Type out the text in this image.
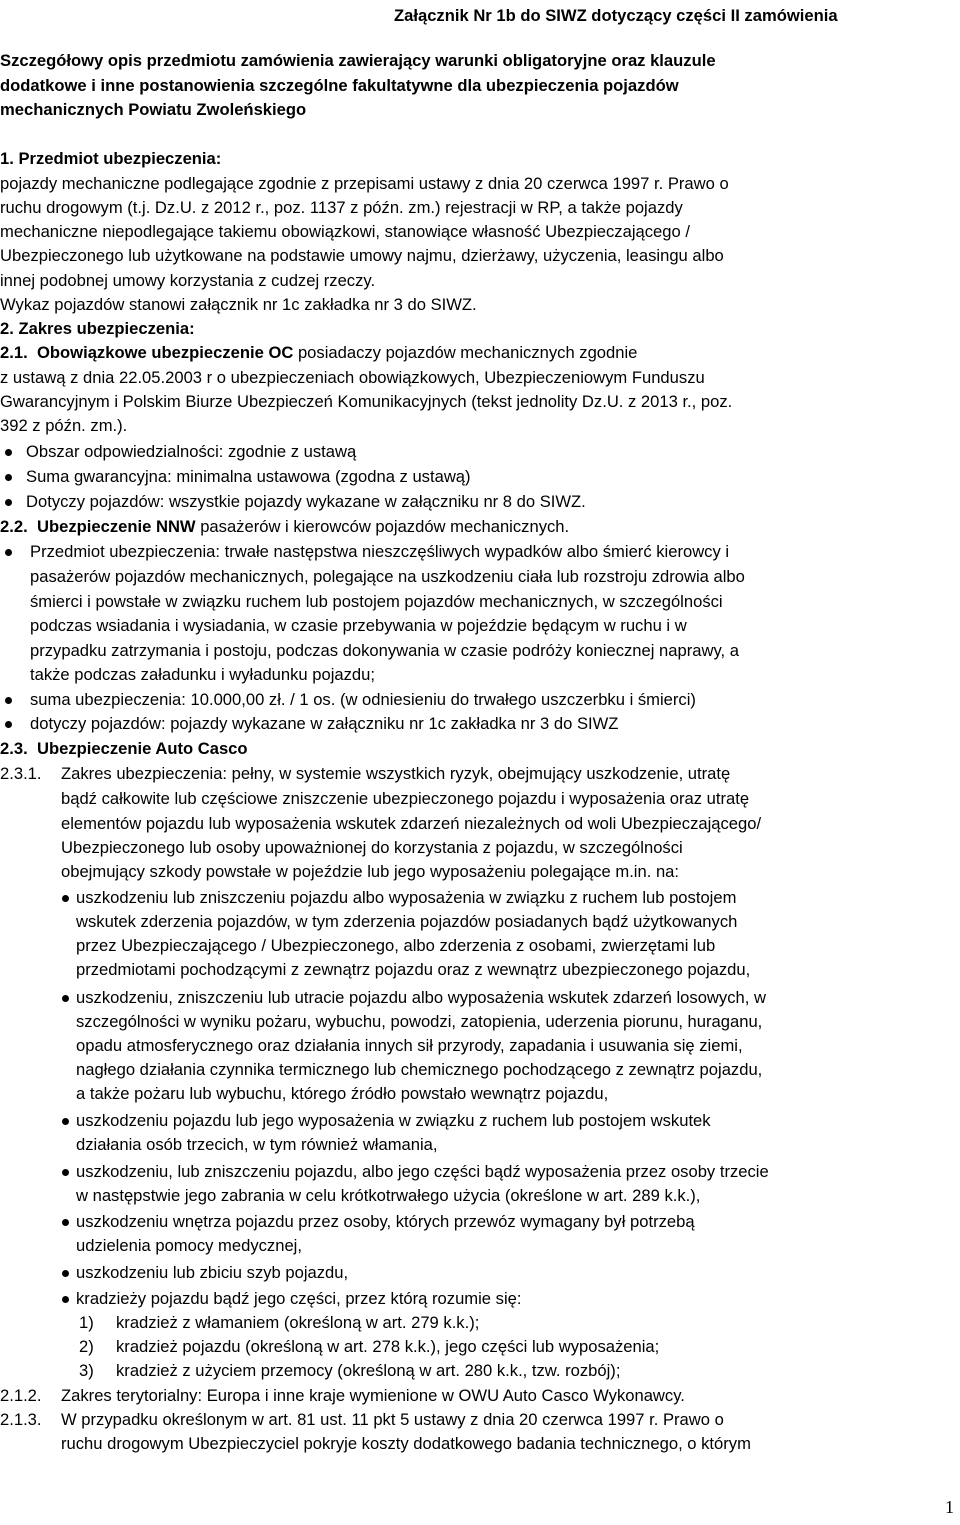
Załącznik Nr 1b do SIWZ dotyczący części II zamówienia
Szczegółowy opis przedmiotu zamówienia zawierający warunki obligatoryjne oraz klauzule
dodatkowe i inne postanowienia szczególne fakultatywne dla ubezpieczenia pojazdów
mechanicznych Powiatu Zwoleńskiego
1. Przedmiot ubezpieczenia:
pojazdy mechaniczne podlegające zgodnie z przepisami ustawy z dnia 20 czerwca 1997 r. Prawo o
ruchu drogowym (t.j. Dz.U. z 2012 r., poz. 1137 z późn. zm.) rejestracji w RP, a także pojazdy
mechaniczne niepodlegające takiemu obowiązkowi, stanowiące własność Ubezpieczającego /
Ubezpieczonego lub użytkowane na podstawie umowy najmu, dzierżawy, użyczenia, leasingu albo
innej podobnej umowy korzystania z cudzej rzeczy.
Wykaz pojazdów stanowi załącznik nr 1c zakładka nr 3 do SIWZ.
2. Zakres ubezpieczenia:
2.1. Obowiązkowe ubezpieczenie OC posiadaczy pojazdów mechanicznych zgodnie
z ustawą z dnia 22.05.2003 r o ubezpieczeniach obowiązkowych, Ubezpieczeniowym Funduszu
Gwarancyjnym i Polskim Biurze Ubezpieczeń Komunikacyjnych (tekst jednolity Dz.U. z 2013 r., poz.
392 z późn. zm.).
Obszar odpowiedzialności: zgodnie z ustawą
Suma gwarancyjna: minimalna ustawowa (zgodna z ustawą)
Dotyczy pojazdów: wszystkie pojazdy wykazane w załączniku nr 8 do SIWZ.
2.2. Ubezpieczenie NNW pasażerów i kierowców pojazdów mechanicznych.
Przedmiot ubezpieczenia: trwałe następstwa nieszczęśliwych wypadków albo śmierć kierowcy i
pasażerów pojazdów mechanicznych, polegające na uszkodzeniu ciała lub rozstroju zdrowia albo
śmierci i powstałe w związku ruchem lub postojem pojazdów mechanicznych, w szczególności
podczas wsiadania i wysiadania, w czasie przebywania w pojeździe będącym w ruchu i w
przypadku zatrzymania i postoju, podczas dokonywania w czasie podróży koniecznej naprawy, a
także podczas załadunku i wyładunku pojazdu;
suma ubezpieczenia: 10.000,00 zł. / 1 os. (w odniesieniu do trwałego uszczerbku i śmierci)
dotyczy pojazdów: pojazdy wykazane w załączniku nr 1c zakładka nr 3 do SIWZ
2.3. Ubezpieczenie Auto Casco
2.3.1. Zakres ubezpieczenia: pełny, w systemie wszystkich ryzyk, obejmujący uszkodzenie, utratę
bądź całkowite lub częściowe zniszczenie ubezpieczonego pojazdu i wyposażenia oraz utratę
elementów pojazdu lub wyposażenia wskutek zdarzeń niezależnych od woli Ubezpieczającego/
Ubezpieczonego lub osoby upoważnionej do korzystania z pojazdu, w szczególności
obejmujący szkody powstałe w pojeździe lub jego wyposażeniu polegające m.in. na:
uszkodzeniu lub zniszczeniu pojazdu albo wyposażenia w związku z ruchem lub postojem
wskutek zderzenia pojazdów, w tym zderzenia pojazdów posiadanych bądź użytkowanych
przez Ubezpieczającego / Ubezpieczonego, albo zderzenia z osobami, zwierzętami lub
przedmiotami pochodzącymi z zewnątrz pojazdu oraz z wewnątrz ubezpieczonego pojazdu,
uszkodzeniu, zniszczeniu lub utracie pojazdu albo wyposażenia wskutek zdarzeń losowych, w
szczególności w wyniku pożaru, wybuchu, powodzi, zatopienia, uderzenia piorunu, huraganu,
opadu atmosferycznego oraz działania innych sił przyrody, zapadania i usuwania się ziemi,
nagłego działania czynnika termicznego lub chemicznego pochodzącego z zewnątrz pojazdu,
a także pożaru lub wybuchu, którego źródło powstało wewnątrz pojazdu,
uszkodzeniu pojazdu lub jego wyposażenia w związku z ruchem lub postojem wskutek
działania osób trzecich, w tym również włamania,
uszkodzeniu, lub zniszczeniu pojazdu, albo jego części bądź wyposażenia przez osoby trzecie
w następstwie jego zabrania w celu krótkotrwałego użycia (określone w art. 289 k.k.),
uszkodzeniu wnętrza pojazdu przez osoby, których przewóz wymagany był potrzebą
udzielenia pomocy medycznej,
uszkodzeniu lub zbiciu szyb pojazdu,
kradzieży pojazdu bądź jego części, przez którą rozumie się:
1) kradzież z włamaniem (określoną w art. 279 k.k.);
2) kradzież pojazdu (określoną w art. 278 k.k.), jego części lub wyposażenia;
3) kradzież z użyciem przemocy (określoną w art. 280 k.k., tzw. rozbój);
2.1.2. Zakres terytorialny: Europa i inne kraje wymienione w OWU Auto Casco Wykonawcy.
2.1.3. W przypadku określonym w art. 81 ust. 11 pkt 5 ustawy z dnia 20 czerwca 1997 r. Prawo o
ruchu drogowym Ubezpieczyciel pokryje koszty dodatkowego badania technicznego, o którym
1
